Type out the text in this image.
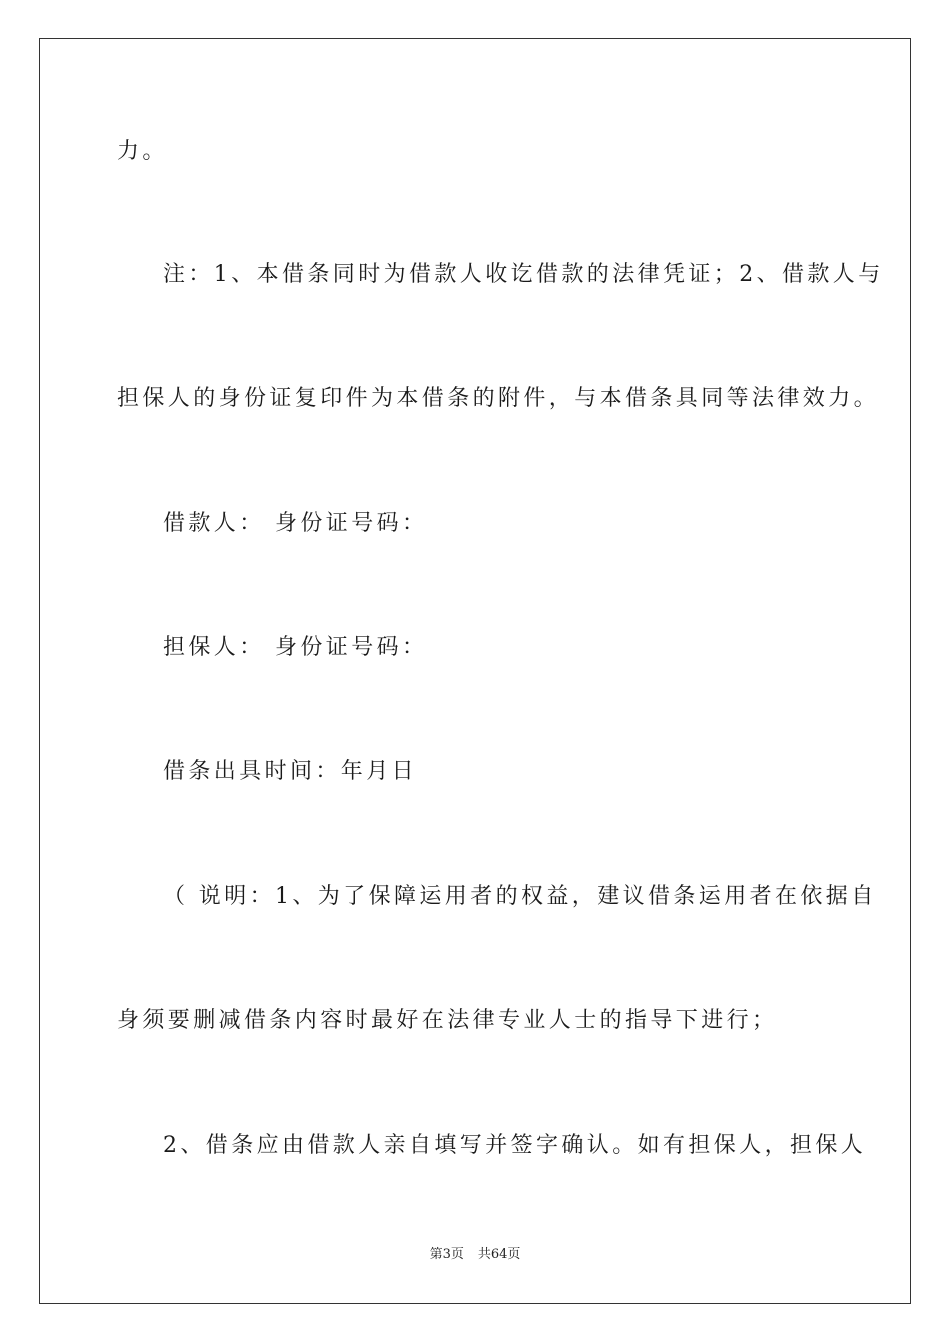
力。

注：1、本借条同时为借款人收讫借款的法律凭证；2、借款人与

担保人的身份证复印件为本借条的附件，与本借条具同等法律效力。

借款人： 身份证号码：

担保人： 身份证号码：

借条出具时间：年月日

（ 说明：1、为了保障运用者的权益，建议借条运用者在依据自

身须要删减借条内容时最好在法律专业人士的指导下进行；

2、借条应由借款人亲自填写并签字确认。如有担保人，担保人

第3页 共64页
